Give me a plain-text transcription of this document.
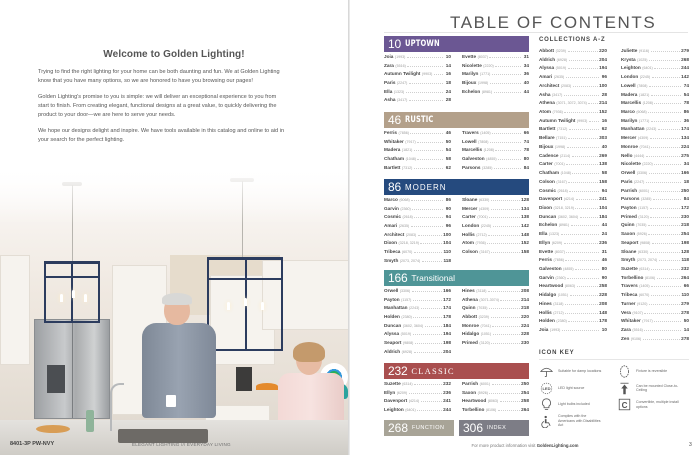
Welcome to Golden Lighting!

Trying to find the right lighting for your home can be both daunting and fun. We at Golden Lighting know that you have many options, so we are honored to have you browsing our pages!

Golden Lighting's promise to you is simple: we will deliver an exceptional experience to you from start to finish. From creating elegant, functional designs at a great value, to quickly delivering the product to your door—we are here to serve your needs.

We hope our designs delight and inspire. We have tools available in this catalog and online to aid in your search for the perfect lighting.

8401-3P PW-NVY	ELEGANT LIGHTING /// EVERYDAY LIVING
TABLE OF CONTENTS
10 UPTOWN
Joia (1993)	10
Zara (5516)	14
Autumn Twilight (9903)	16
Paris (2247)	18
Ella (1323)	24
Asha (3417)	28
Evette (8037)	31
Nicolette (2220)	34
Marilyn (1771)	36
Bijoux (1998)	40
Echelon (8981)	44
46 RUSTIC
Ferris (7856)	46
Whitaker (7917)	50
Madera (1821)	54
Chatham (1048)	58
Bartlett (7312)	62
Travers (1405)	66
Lowell (7808)	74
Marcellis (1208)	78
Galveston (4855)	80
Parsons (3285)	84
86 MODERN
Marco (6068)	86
Garvin (2360)	90
Cosmic (2618)	94
Amari (2635)	96
Architect (2083)	100
Dixon (3218, 3219)	104
Tribeca (6070)	110
Smyth (2073, 2074)	118
Sloane (6330)	128
Mercer (4309)	134
Carter (7001)	138
London (2245)	142
Hollis (2712)	148
Atom (7936)	152
Colson (3167)	158
166 Transitional
Orwell (3306)	166
Payton (1157)	172
Manhattan (2243)	174
Holden (2380)	178
Duncan (3602, 3604)	184
Alyssa (5019)	194
Seaport (9808)	198
Aldrich (6928)	204
Hines (3118)	208
Athena (3071-3074)	214
Quinn (7035)	218
Abbott (3239)	220
Monroe (7041)	224
Hidalgo (1051)	228
Primed (3120)	230
232 CLASSIC
Suzette (6314)	232
Ellyn (6209)	236
Davenport (4214)	241
Leighton (6401)	244
Parrish (6001)	250
Saxon (5926)	254
Heartwood (8063)	258
Torbellino (8106)	264
268 FUNCTION 306 INDEX
COLLECTIONS A-Z
Abbott (3239)	220
Aldrich (6928)	204
Alyssa (5019)	194
Amari (2635)	96
Architect (2083)	100
Asha (3417)	28
Athena (3071, 3072, 3074)	214
Atom (7936)	152
Autumn Twilight (9903)	16
Bartlett (7312)	62
Bellare (7151)	303
Bijoux (1998)	40
Cadence (2114)	269
Carter (7001)	138
Chatham (1048)	58
Colson (3167)	158
Cosmic (2618)	94
Davenport (4214)	241
Dixon (3218, 3219)	104
Duncan (3602, 3604)	184
Echelon (8981)	44
Ella (1323)	24
Ellyn (6209)	236
Evette (8037)	31
Ferris (7856)	46
Galveston (4855)	80
Garvin (2360)	90
Heartwood (8063)	258
Hidalgo (1051)	228
Hines (3118)	208
Hollis (2712)	148
Holden (2380)	178
Joia (1993)	10
Juliette (9116)	279
Krysta (1025)	268
Leighton (6401)	244
London (2245)	142
Lowell (7808)	74
Madera (1821)	54
Marcellis (1208)	78
Marco (6068)	86
Marilyn (1771)	36
Manhattan (2243)	174
Mercer (4309)	134
Monroe (7041)	224
Nello (4444)	275
Nicolette (2220)	34
Orwell (3306)	166
Paris (2247)	18
Parrish (6001)	250
Parsons (3285)	84
Payton (1157)	172
Primed (3120)	230
Quinn (7035)	218
Saxon (5926)	254
Seaport (9808)	198
Sloane (6330)	128
Smyth (2073, 2074)	118
Suzette (6314)	232
Torbellino (8106)	264
Travers (1405)	66
Tribeca (6070)	110
Turner (9120)	279
Vera (9107)	278
Whitaker (7917)	50
Zara (5516)	14
Zen (9106)	278
ICON KEY
Suitable for damp locations
LED LED light source
Light bulbs included
Complies with the Americans with Disabilities Act
Fixture is reversible
Can be mounted Close-to-Ceiling
C	Convertible, multiple install options
For more product information visit GoldenLighting.com	3
